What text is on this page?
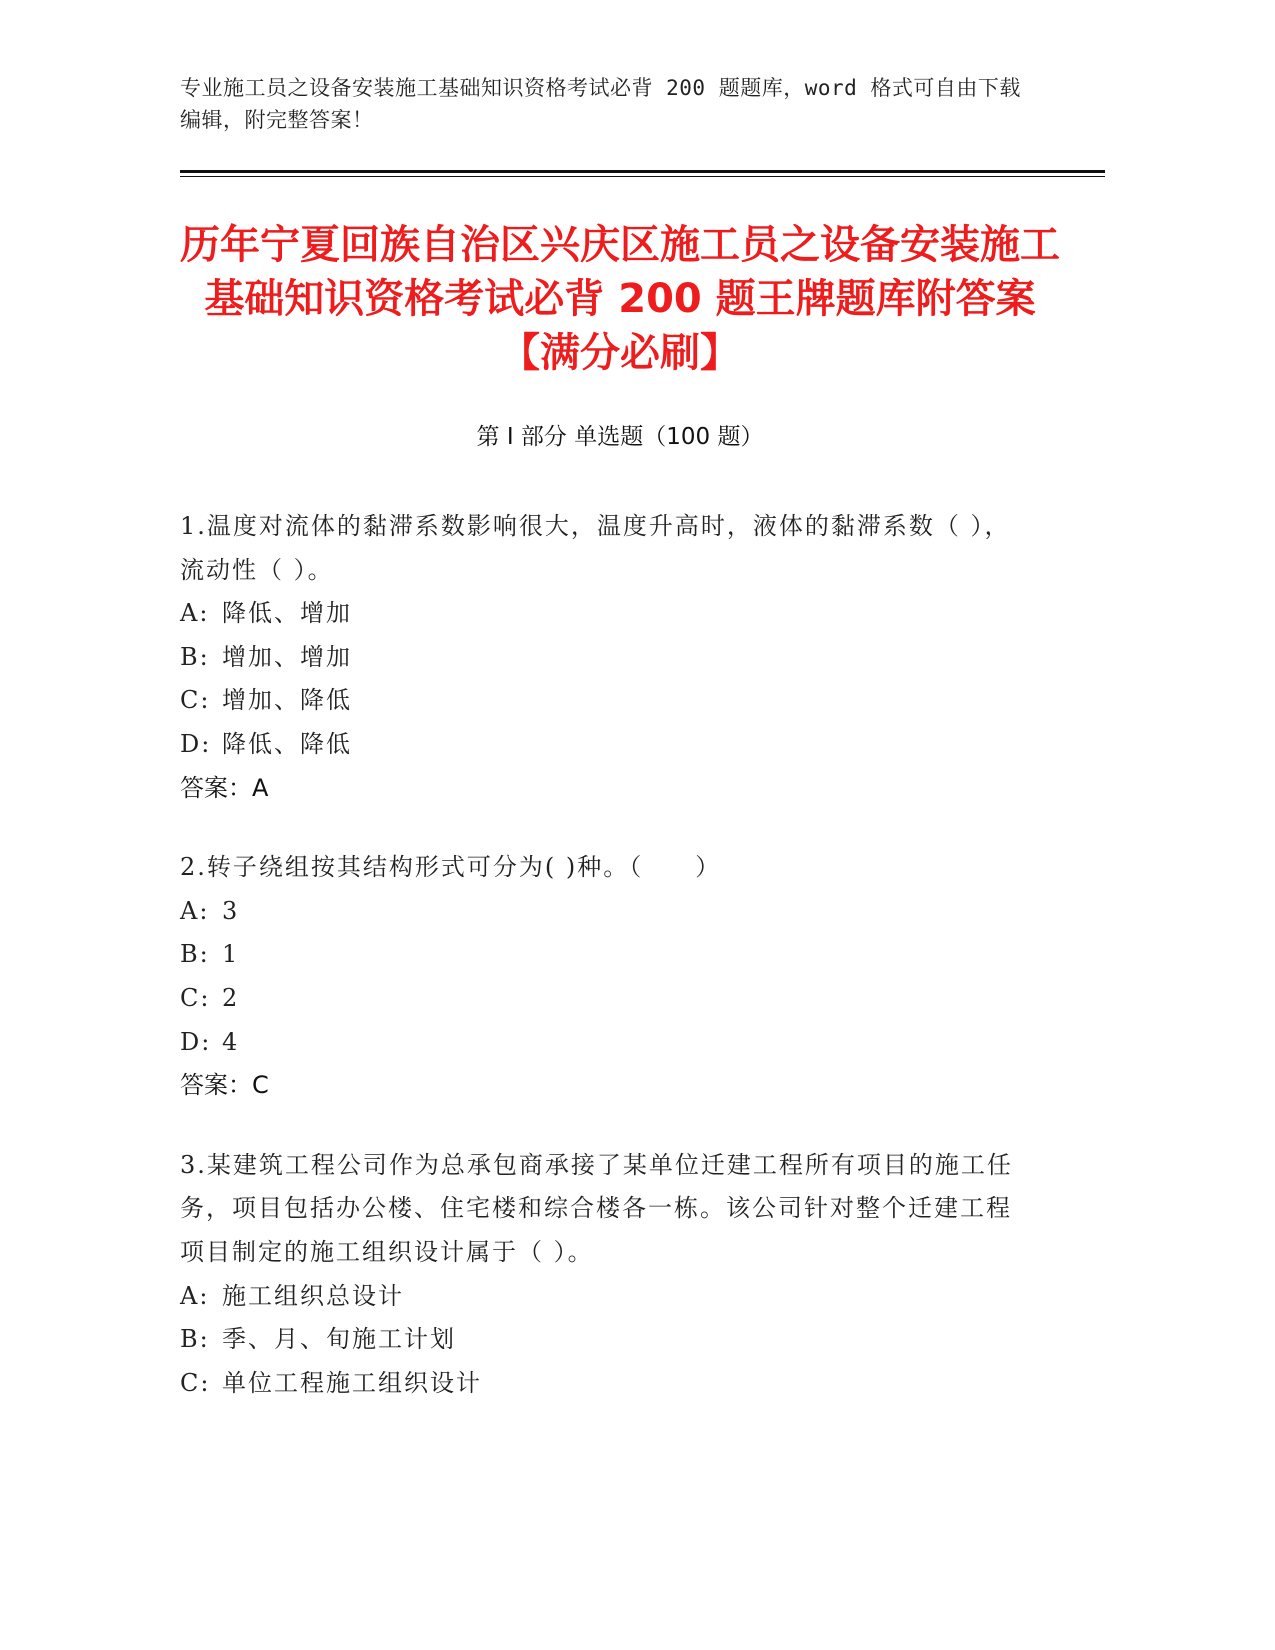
专业施工员之设备安装施工基础知识资格考试必背 200 题题库，word 格式可自由下载编辑，附完整答案！
历年宁夏回族自治区兴庆区施工员之设备安装施工基础知识资格考试必背 200 题王牌题库附答案【满分必刷】
第 I 部分 单选题（100 题）
1.温度对流体的黏滞系数影响很大，温度升高时，液体的黏滞系数（ ），流动性（ ）。
A: 降低、增加
B: 增加、增加
C: 增加、降低
D: 降低、降低
答案：A
2.转子绕组按其结构形式可分为( )种。（　　）
A: 3
B: 1
C: 2
D: 4
答案：C
3.某建筑工程公司作为总承包商承接了某单位迁建工程所有项目的施工任务，项目包括办公楼、住宅楼和综合楼各一栋。该公司针对整个迁建工程项目制定的施工组织设计属于（ ）。
A: 施工组织总设计
B: 季、月、旬施工计划
C: 单位工程施工组织设计
